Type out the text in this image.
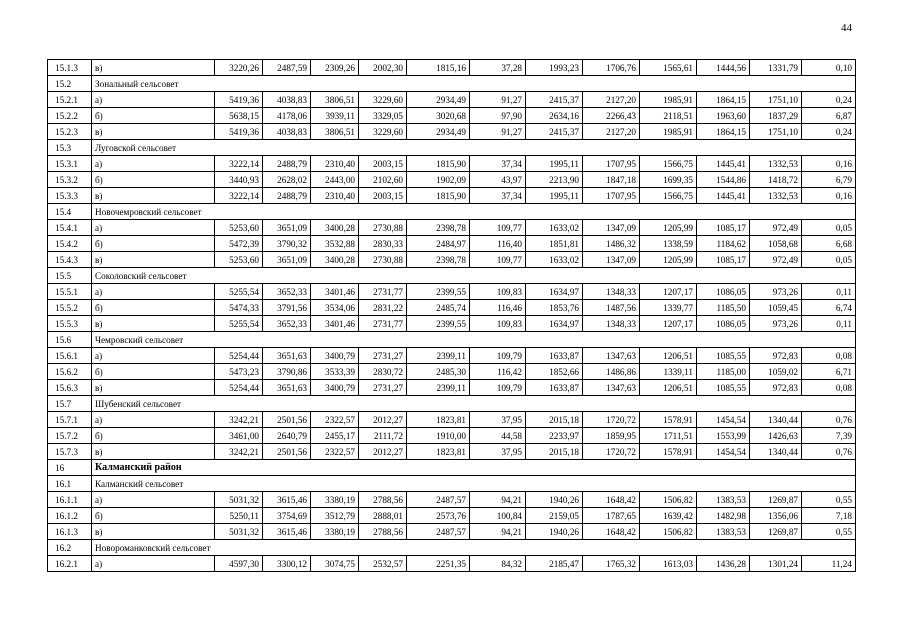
44
15.1.3	в)	3220,26	2487,59	2309,26	2002,30	1815,16	37,28	1993,23	1706,76	1565,61	1444,56	1331,79	0,10
15.2	Зональный сельсовет												
15.2.1	а)	5419,36	4038,83	3806,51	3229,60	2934,49	91,27	2415,37	2127,20	1985,91	1864,15	1751,10	0,24
15.2.2	б)	5638,15	4178,06	3939,11	3329,05	3020,68	97,90	2634,16	2266,43	2118,51	1963,60	1837,29	6,87
15.2.3	в)	5419,36	4038,83	3806,51	3229,60	2934,49	91,27	2415,37	2127,20	1985,91	1864,15	1751,10	0,24
15.3	Луговской сельсовет												
15.3.1	а)	3222,14	2488,79	2310,40	2003,15	1815,90	37,34	1995,11	1707,95	1566,75	1445,41	1332,53	0,16
15.3.2	б)	3440,93	2628,02	2443,00	2102,60	1902,09	43,97	2213,90	1847,18	1699,35	1544,86	1418,72	6,79
15.3.3	в)	3222,14	2488,79	2310,40	2003,15	1815,90	37,34	1995,11	1707,95	1566,75	1445,41	1332,53	0,16
15.4	Новочемровский сельсовет												
15.4.1	а)	5253,60	3651,09	3400,28	2730,88	2398,78	109,77	1633,02	1347,09	1205,99	1085,17	972,49	0,05
15.4.2	б)	5472,39	3790,32	3532,88	2830,33	2484,97	116,40	1851,81	1486,32	1338,59	1184,62	1058,68	6,68
15.4.3	в)	5253,60	3651,09	3400,28	2730,88	2398,78	109,77	1633,02	1347,09	1205,99	1085,17	972,49	0,05
15.5	Соколовский сельсовет												
15.5.1	а)	5255,54	3652,33	3401,46	2731,77	2399,55	109,83	1634,97	1348,33	1207,17	1086,05	973,26	0,11
15.5.2	б)	5474,33	3791,56	3534,06	2831,22	2485,74	116,46	1853,76	1487,56	1339,77	1185,50	1059,45	6,74
15.5.3	в)	5255,54	3652,33	3401,46	2731,77	2399,55	109,83	1634,97	1348,33	1207,17	1086,05	973,26	0,11
15.6	Чемровский сельсовет												
15.6.1	а)	5254,44	3651,63	3400,79	2731,27	2399,11	109,79	1633,87	1347,63	1206,51	1085,55	972,83	0,08
15.6.2	б)	5473,23	3790,86	3533,39	2830,72	2485,30	116,42	1852,66	1486,86	1339,11	1185,00	1059,02	6,71
15.6.3	в)	5254,44	3651,63	3400,79	2731,27	2399,11	109,79	1633,87	1347,63	1206,51	1085,55	972,83	0,08
15.7	Шубенский сельсовет												
15.7.1	а)	3242,21	2501,56	2322,57	2012,27	1823,81	37,95	2015,18	1720,72	1578,91	1454,54	1340,44	0,76
15.7.2	б)	3461,00	2640,79	2455,17	2111,72	1910,00	44,58	2233,97	1859,95	1711,51	1553,99	1426,63	7,39
15.7.3	в)	3242,21	2501,56	2322,57	2012,27	1823,81	37,95	2015,18	1720,72	1578,91	1454,54	1340,44	0,76
16	Калманский район												
16.1	Калманский сельсовет												
16.1.1	а)	5031,32	3615,46	3380,19	2788,56	2487,57	94,21	1940,26	1648,42	1506,82	1383,53	1269,87	0,55
16.1.2	б)	5250,11	3754,69	3512,79	2888,01	2573,76	100,84	2159,05	1787,65	1639,42	1482,98	1356,06	7,18
16.1.3	в)	5031,32	3615,46	3380,19	2788,56	2487,57	94,21	1940,26	1648,42	1506,82	1383,53	1269,87	0,55
16.2	Новороманковский сельсовет												
16.2.1	а)	4597,30	3300,12	3074,75	2532,57	2251,35	84,32	2185,47	1765,32	1613,03	1436,28	1301,24	11,24
